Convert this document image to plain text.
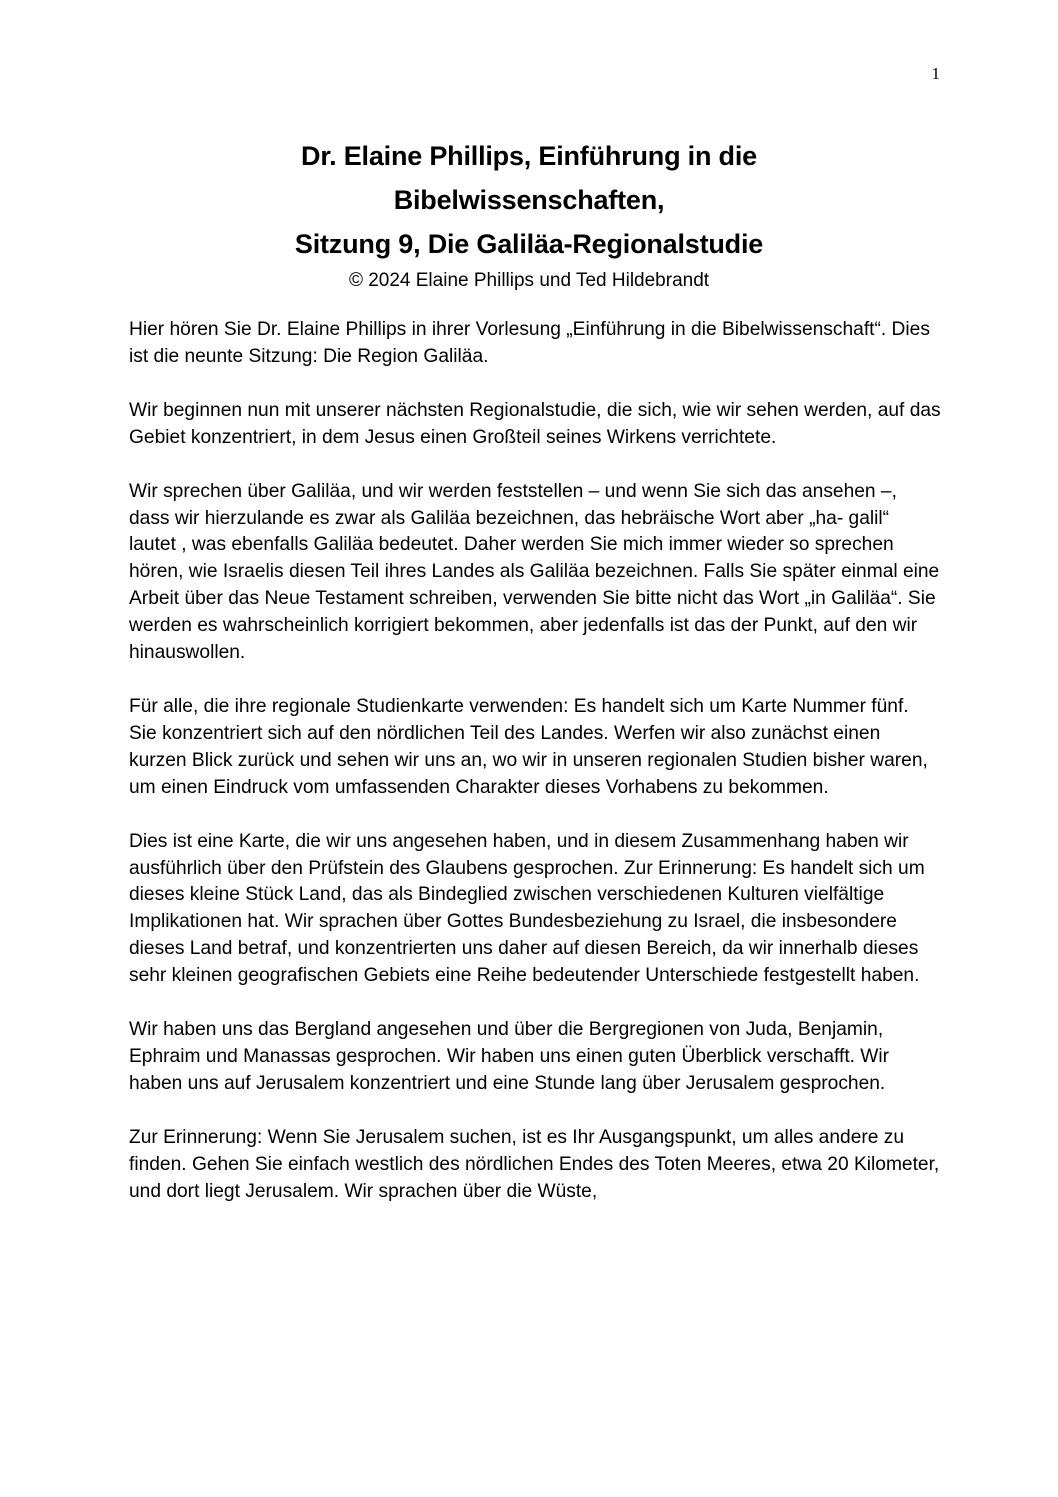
1
Dr. Elaine Phillips, Einführung in die
Bibelwissenschaften,
Sitzung 9, Die Galiläa-Regionalstudie
© 2024 Elaine Phillips und Ted Hildebrandt

Hier hören Sie Dr. Elaine Phillips in ihrer Vorlesung „Einführung in die Bibelwissenschaft“. Dies ist die neunte Sitzung: Die Region Galiläa.

Wir beginnen nun mit unserer nächsten Regionalstudie, die sich, wie wir sehen werden, auf das Gebiet konzentriert, in dem Jesus einen Großteil seines Wirkens verrichtete.

Wir sprechen über Galiläa, und wir werden feststellen – und wenn Sie sich das ansehen –, dass wir hierzulande es zwar als Galiläa bezeichnen, das hebräische Wort aber „ha- galil“ lautet , was ebenfalls Galiläa bedeutet. Daher werden Sie mich immer wieder so sprechen hören, wie Israelis diesen Teil ihres Landes als Galiläa bezeichnen. Falls Sie später einmal eine Arbeit über das Neue Testament schreiben, verwenden Sie bitte nicht das Wort „in Galiläa“. Sie werden es wahrscheinlich korrigiert bekommen, aber jedenfalls ist das der Punkt, auf den wir hinauswollen.

Für alle, die ihre regionale Studienkarte verwenden: Es handelt sich um Karte Nummer fünf. Sie konzentriert sich auf den nördlichen Teil des Landes. Werfen wir also zunächst einen kurzen Blick zurück und sehen wir uns an, wo wir in unseren regionalen Studien bisher waren, um einen Eindruck vom umfassenden Charakter dieses Vorhabens zu bekommen.

Dies ist eine Karte, die wir uns angesehen haben, und in diesem Zusammenhang haben wir ausführlich über den Prüfstein des Glaubens gesprochen. Zur Erinnerung: Es handelt sich um dieses kleine Stück Land, das als Bindeglied zwischen verschiedenen Kulturen vielfältige Implikationen hat. Wir sprachen über Gottes Bundesbeziehung zu Israel, die insbesondere dieses Land betraf, und konzentrierten uns daher auf diesen Bereich, da wir innerhalb dieses sehr kleinen geografischen Gebiets eine Reihe bedeutender Unterschiede festgestellt haben.

Wir haben uns das Bergland angesehen und über die Bergregionen von Juda, Benjamin, Ephraim und Manassas gesprochen. Wir haben uns einen guten Überblick verschafft. Wir haben uns auf Jerusalem konzentriert und eine Stunde lang über Jerusalem gesprochen.

Zur Erinnerung: Wenn Sie Jerusalem suchen, ist es Ihr Ausgangspunkt, um alles andere zu finden. Gehen Sie einfach westlich des nördlichen Endes des Toten Meeres, etwa 20 Kilometer, und dort liegt Jerusalem. Wir sprachen über die Wüste,
